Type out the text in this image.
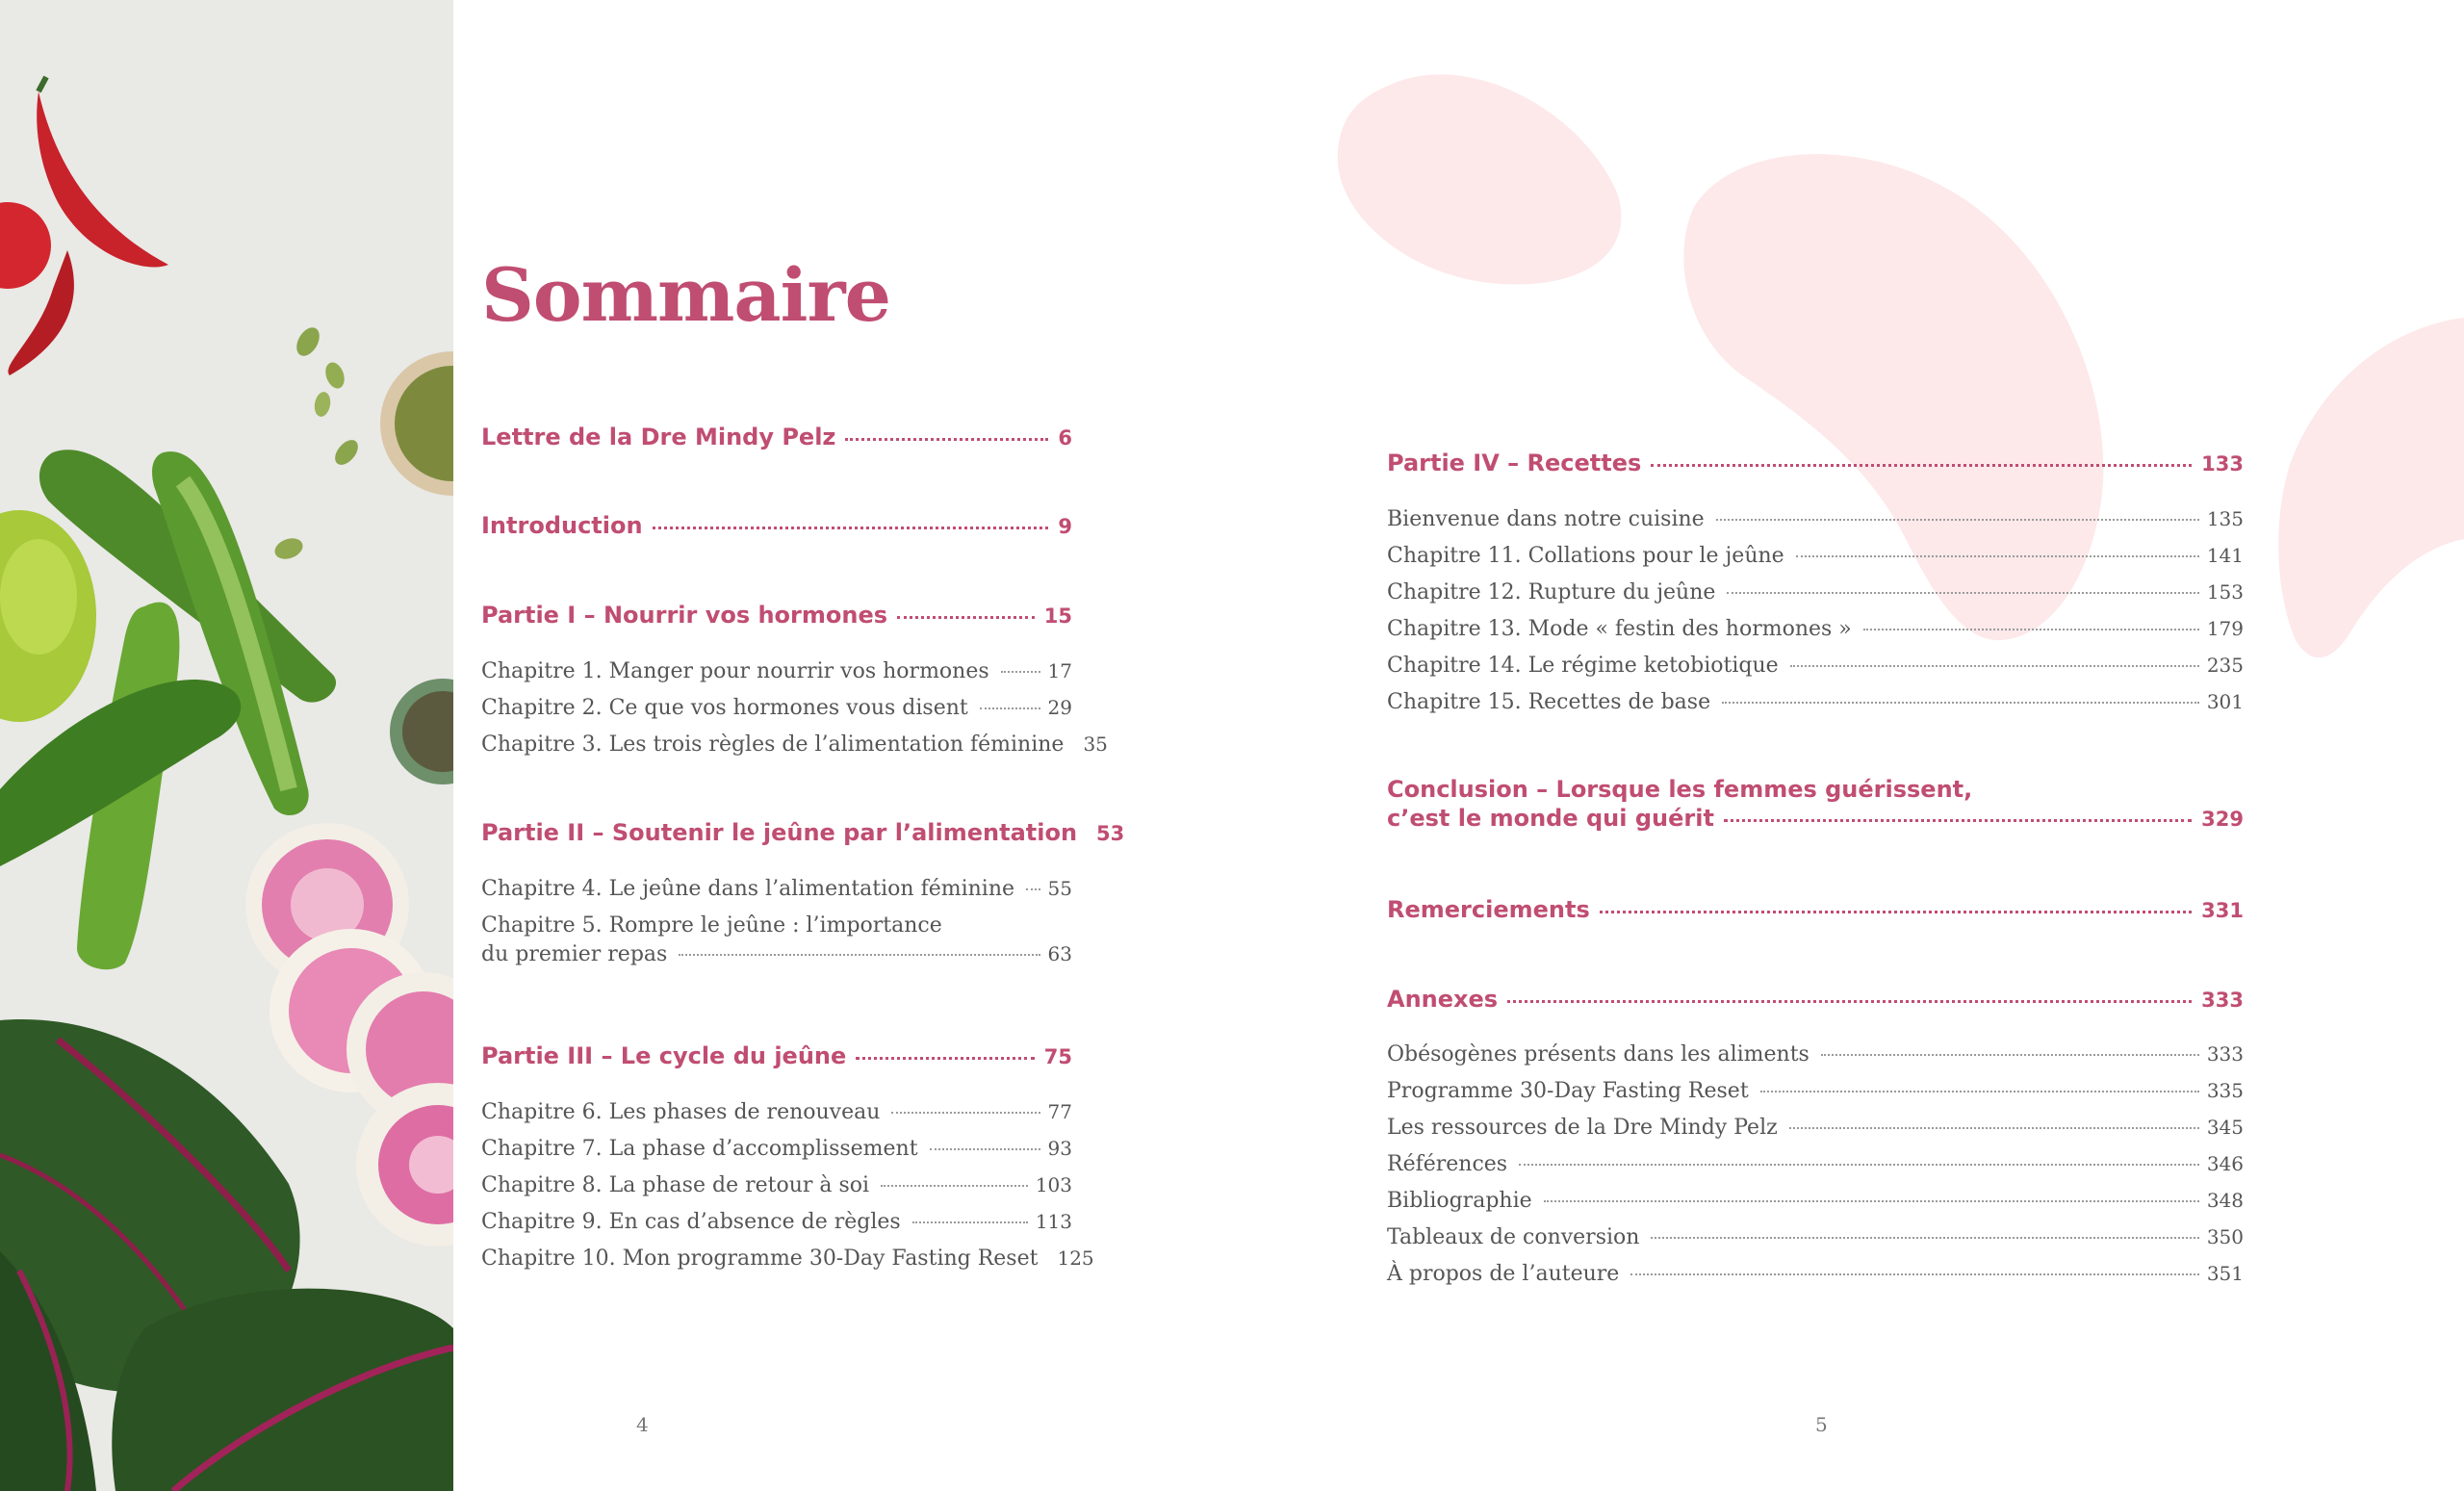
Sommaire
Lettre de la Dre Mindy Pelz	6
Introduction	9
Partie I – Nourrir vos hormones	15
Chapitre 1. Manger pour nourrir vos hormones	17
Chapitre 2. Ce que vos hormones vous disent	29
Chapitre 3. Les trois règles de l’alimentation féminine 35
Partie II – Soutenir le jeûne par l’alimentation 53
Chapitre 4. Le jeûne dans l’alimentation féminine 55
Chapitre 5. Rompre le jeûne : l’importance
du premier repas	63
Partie III – Le cycle du jeûne	75
Chapitre 6. Les phases de renouveau	77
Chapitre 7. La phase d’accomplissement	93
Chapitre 8. La phase de retour à soi	103
Chapitre 9. En cas d’absence de règles	113
Chapitre 10. Mon programme 30-Day Fasting Reset 125
Partie IV – Recettes	133
Bienvenue dans notre cuisine	135
Chapitre 11. Collations pour le jeûne	141
Chapitre 12. Rupture du jeûne	153
Chapitre 13. Mode « festin des hormones »	179
Chapitre 14. Le régime ketobiotique	235
Chapitre 15. Recettes de base	301
Conclusion – Lorsque les femmes guérissent,
c’est le monde qui guérit	329
Remerciements	331
Annexes	333
Obésogènes présents dans les aliments	333
Programme 30-Day Fasting Reset	335
Les ressources de la Dre Mindy Pelz	345
Références	346
Bibliographie	348
Tableaux de conversion	350
À propos de l’auteure	351
4	5
